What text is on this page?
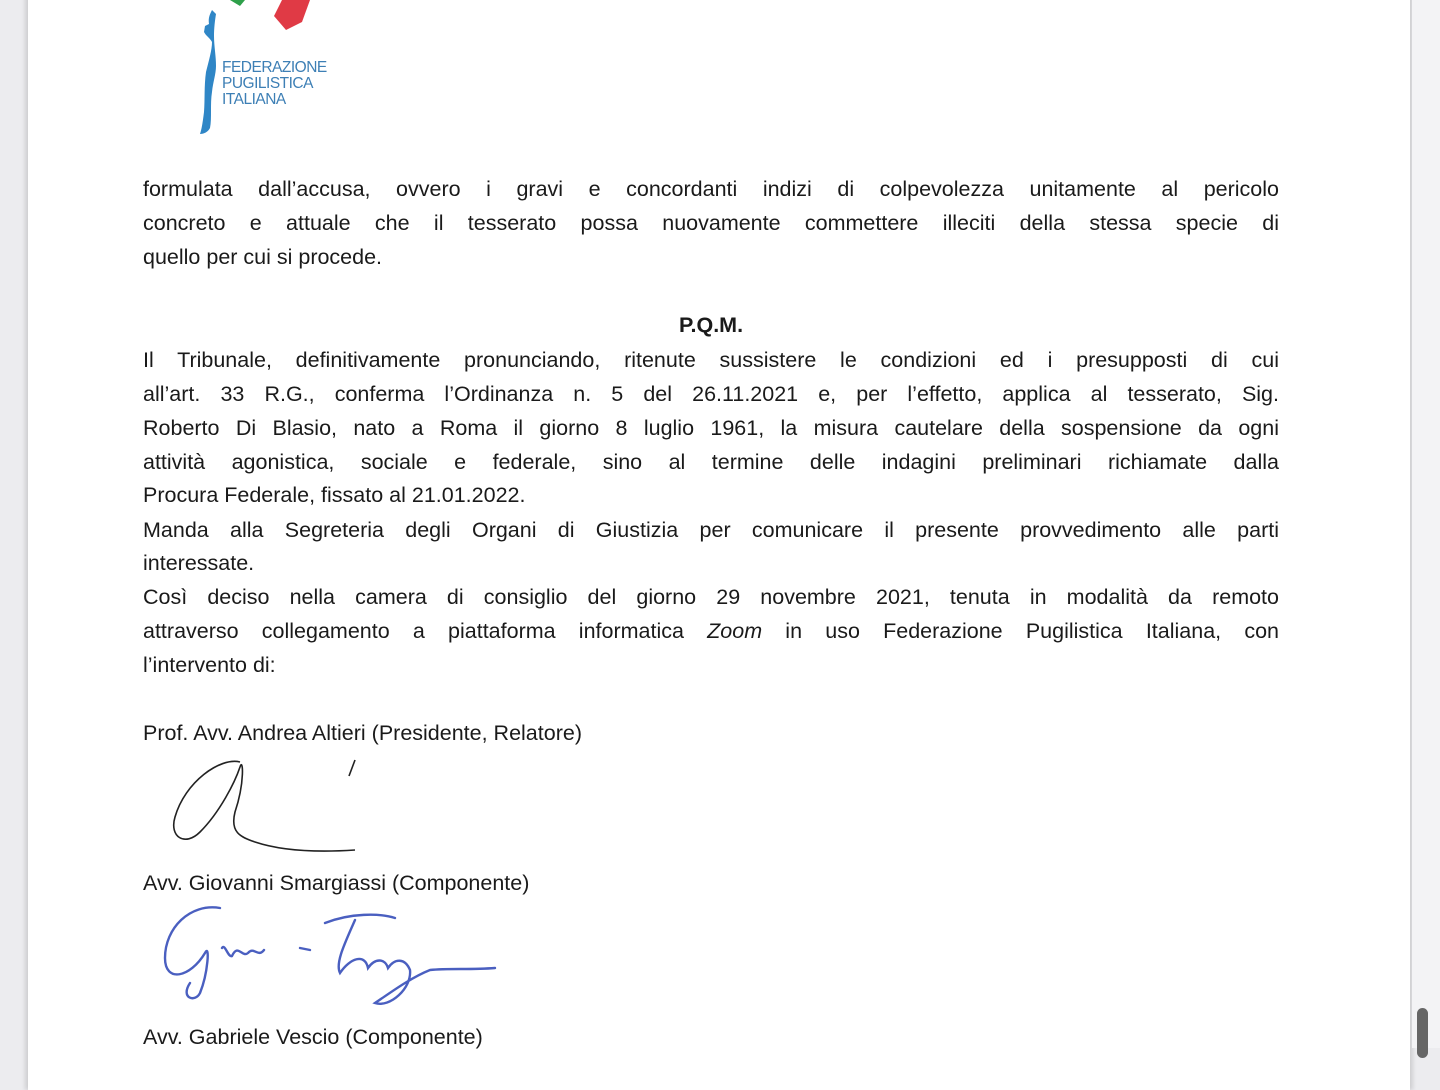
FEDERAZIONE
PUGILISTICA
ITALIANA
formulata dall’accusa, ovvero i gravi e concordanti indizi di colpevolezza unitamente al pericolo
concreto e attuale che il tesserato possa nuovamente commettere illeciti della stessa specie di
quello per cui si procede.
P.Q.M.
Il Tribunale, definitivamente pronunciando, ritenute sussistere le condizioni ed i presupposti di cui
all’art. 33 R.G., conferma l’Ordinanza n. 5 del 26.11.2021 e, per l’effetto, applica al tesserato, Sig.
Roberto Di Blasio, nato a Roma il giorno 8 luglio 1961, la misura cautelare della sospensione da ogni
attività agonistica, sociale e federale, sino al termine delle indagini preliminari richiamate dalla
Procura Federale, fissato al 21.01.2022.
Manda alla Segreteria degli Organi di Giustizia per comunicare il presente provvedimento alle parti
interessate.
Così deciso nella camera di consiglio del giorno 29 novembre 2021, tenuta in modalità da remoto
attraverso collegamento a piattaforma informatica Zoom in uso Federazione Pugilistica Italiana, con
l’intervento di:
Prof. Avv. Andrea Altieri (Presidente, Relatore)
Avv. Giovanni Smargiassi (Componente)
Avv. Gabriele Vescio (Componente)
